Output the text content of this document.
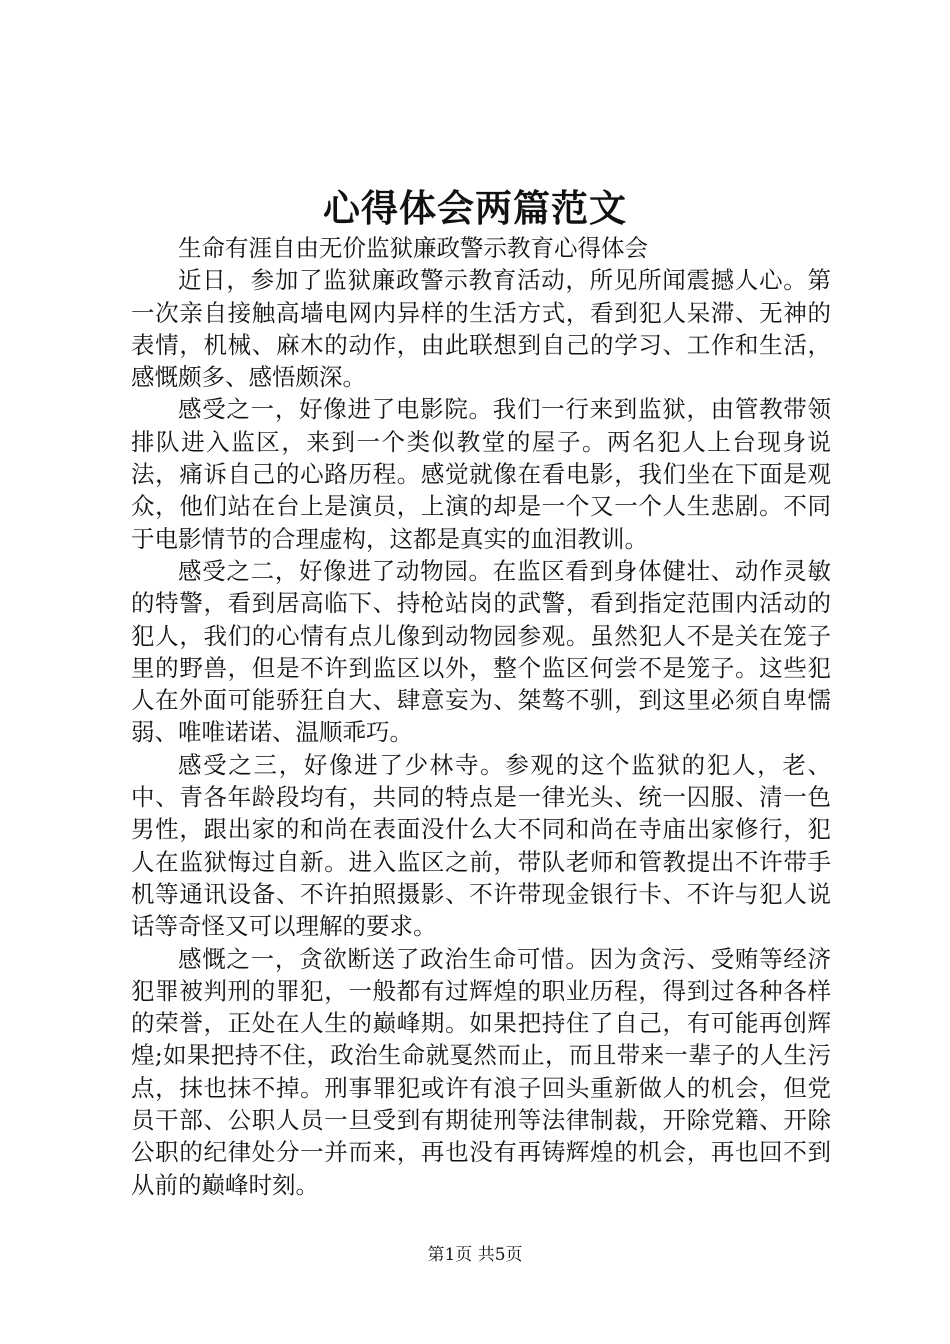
心得体会两篇范文

生命有涯自由无价监狱廉政警示教育心得体会

近日，参加了监狱廉政警示教育活动，所见所闻震撼人心。第一次亲自接触高墙电网内异样的生活方式，看到犯人呆滞、无神的表情，机械、麻木的动作，由此联想到自己的学习、工作和生活，感慨颇多、感悟颇深。

感受之一，好像进了电影院。我们一行来到监狱，由管教带领排队进入监区，来到一个类似教堂的屋子。两名犯人上台现身说法，痛诉自己的心路历程。感觉就像在看电影，我们坐在下面是观众，他们站在台上是演员，上演的却是一个又一个人生悲剧。不同于电影情节的合理虚构，这都是真实的血泪教训。

感受之二，好像进了动物园。在监区看到身体健壮、动作灵敏的特警，看到居高临下、持枪站岗的武警，看到指定范围内活动的犯人，我们的心情有点儿像到动物园参观。虽然犯人不是关在笼子里的野兽，但是不许到监区以外，整个监区何尝不是笼子。这些犯人在外面可能骄狂自大、肆意妄为、桀骜不驯，到这里必须自卑懦弱、唯唯诺诺、温顺乖巧。

感受之三，好像进了少林寺。参观的这个监狱的犯人，老、中、青各年龄段均有，共同的特点是一律光头、统一囚服、清一色男性，跟出家的和尚在表面没什么大不同和尚在寺庙出家修行，犯人在监狱悔过自新。进入监区之前，带队老师和管教提出不许带手机等通讯设备、不许拍照摄影、不许带现金银行卡、不许与犯人说话等奇怪又可以理解的要求。

感慨之一，贪欲断送了政治生命可惜。因为贪污、受贿等经济犯罪被判刑的罪犯，一般都有过辉煌的职业历程，得到过各种各样的荣誉，正处在人生的巅峰期。如果把持住了自己，有可能再创辉煌;如果把持不住，政治生命就戛然而止，而且带来一辈子的人生污点，抹也抹不掉。刑事罪犯或许有浪子回头重新做人的机会，但党员干部、公职人员一旦受到有期徒刑等法律制裁，开除党籍、开除公职的纪律处分一并而来，再也没有再铸辉煌的机会，再也回不到从前的巅峰时刻。

第1页 共5页
